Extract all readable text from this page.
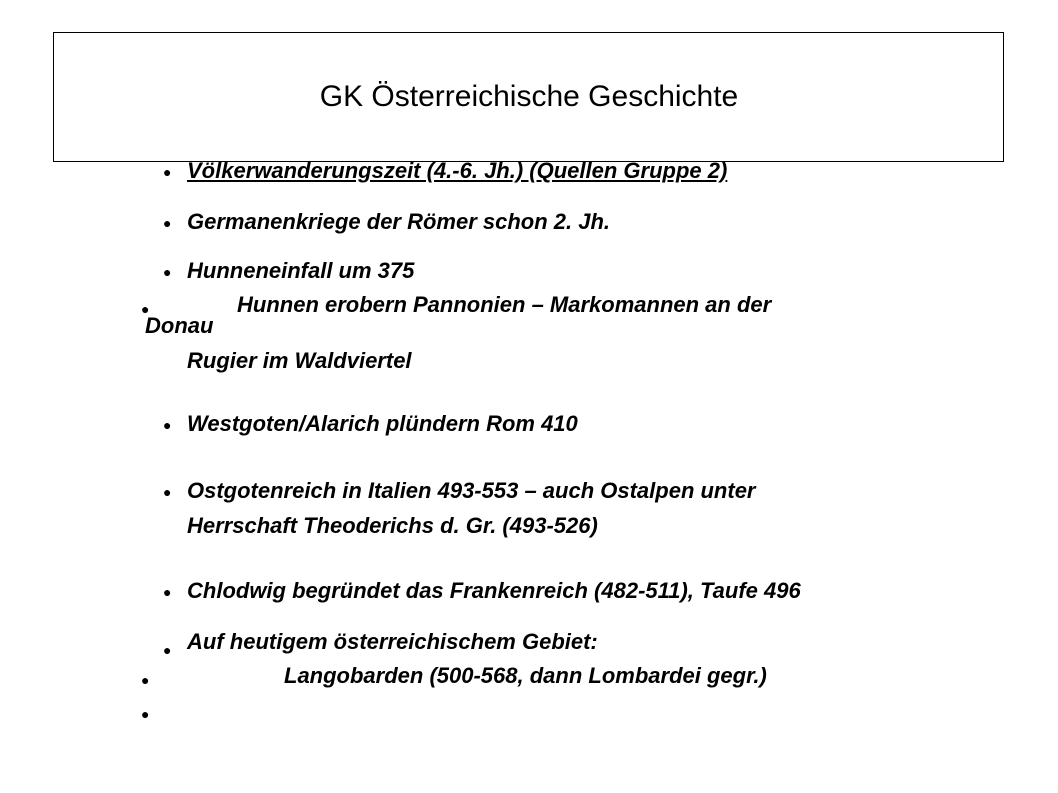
GK Österreichische Geschichte
● Völkerwanderungszeit (4.-6. Jh.) (Quellen Gruppe 2)
● Germanenkriege der Römer schon 2. Jh.
● Hunneneinfall um 375
●	Hunnen erobern Pannonien – Markomannen an der
Donau
Rugier im Waldviertel
● Westgoten/Alarich plündern Rom 410
● Ostgotenreich in Italien 493-553 – auch Ostalpen unter
Herrschaft Theoderichs d. Gr. (493-526)
● Chlodwig begründet das Frankenreich (482-511), Taufe 496
● Auf heutigem österreichischem Gebiet:
●	Langobarden (500-568, dann Lombardei gegr.)
●
